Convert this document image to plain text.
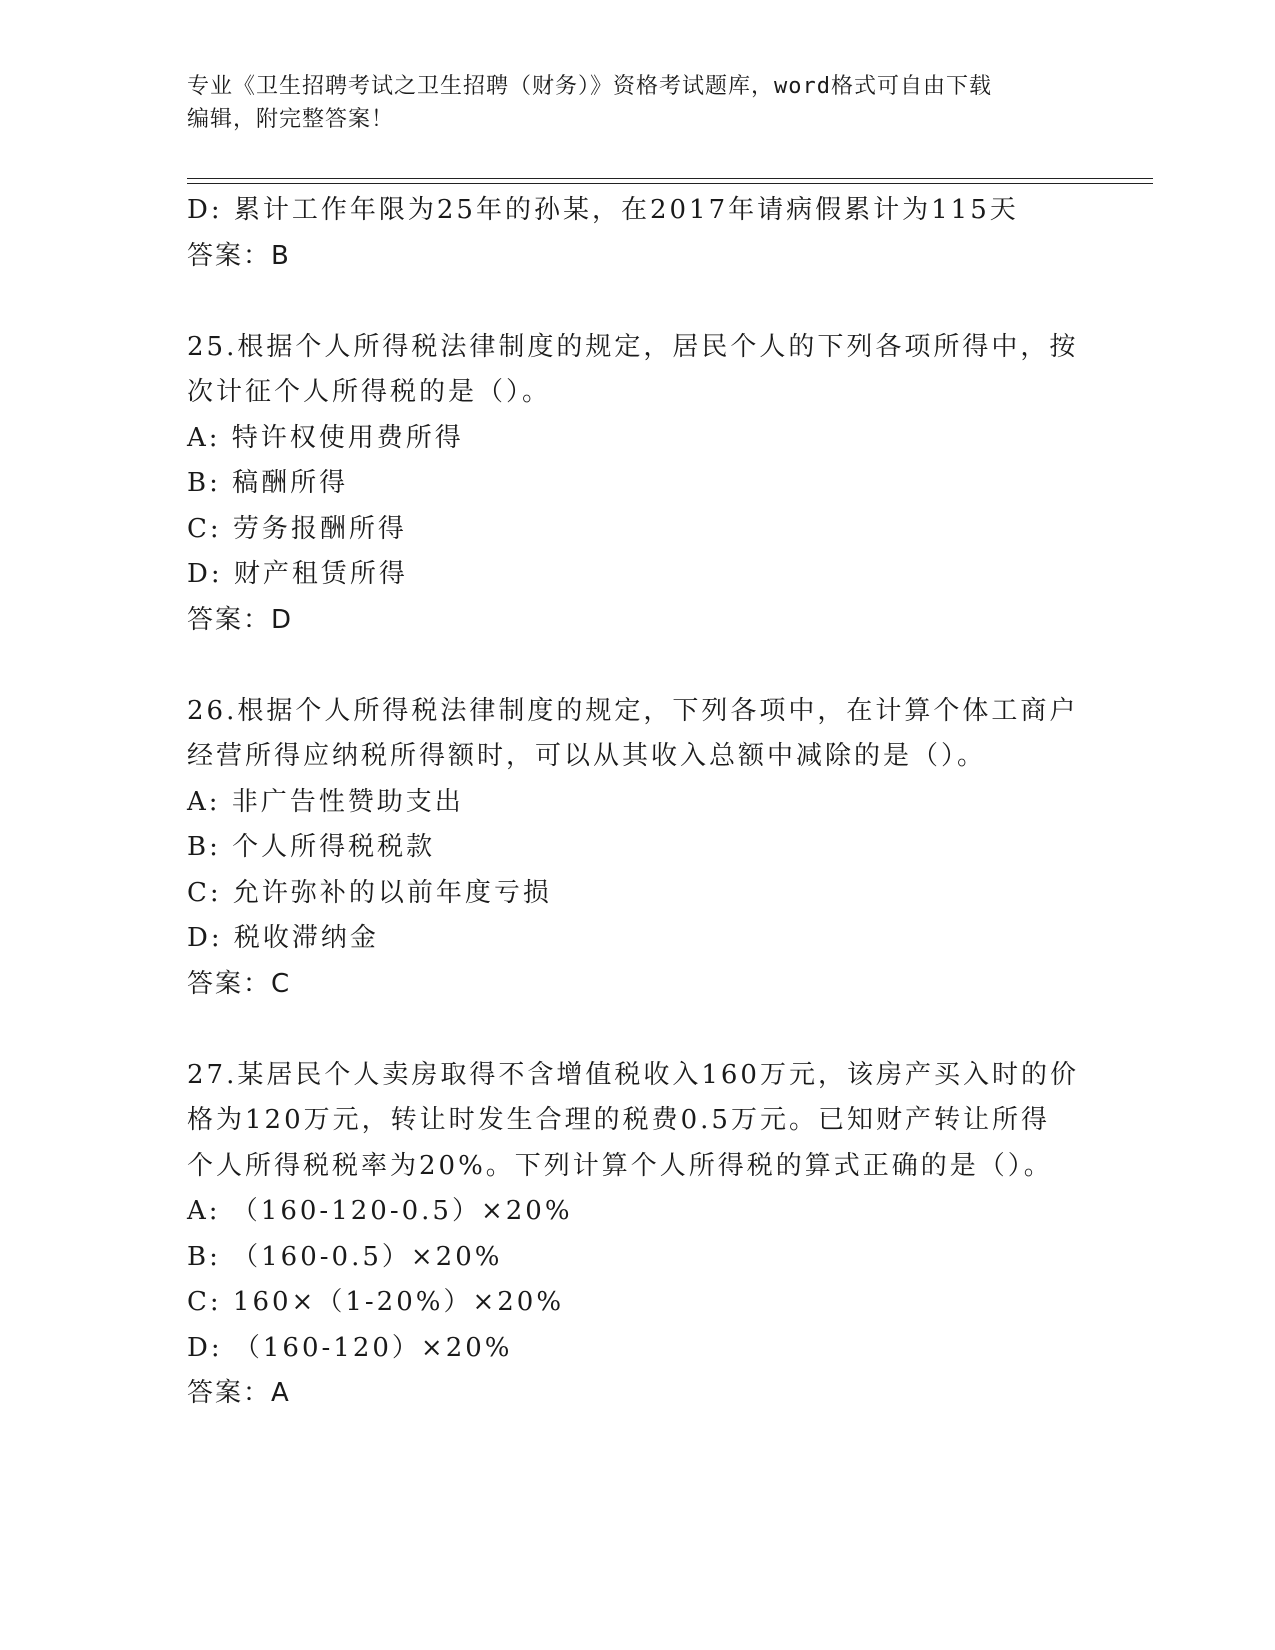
专业《卫生招聘考试之卫生招聘（财务）》资格考试题库，word格式可自由下载
编辑，附完整答案！
D: 累计工作年限为25年的孙某，在2017年请病假累计为115天
答案：B
25.根据个人所得税法律制度的规定，居民个人的下列各项所得中，按
次计征个人所得税的是（）。
A: 特许权使用费所得
B: 稿酬所得
C: 劳务报酬所得
D: 财产租赁所得
答案：D
26.根据个人所得税法律制度的规定，下列各项中，在计算个体工商户
经营所得应纳税所得额时，可以从其收入总额中减除的是（）。
A: 非广告性赞助支出
B: 个人所得税税款
C: 允许弥补的以前年度亏损
D: 税收滞纳金
答案：C
27.某居民个人卖房取得不含增值税收入160万元，该房产买入时的价
格为120万元，转让时发生合理的税费0.5万元。已知财产转让所得
个人所得税税率为20%。下列计算个人所得税的算式正确的是（）。
A: （160-120-0.5）×20%
B: （160-0.5）×20%
C: 160×（1-20%）×20%
D: （160-120）×20%
答案：A
